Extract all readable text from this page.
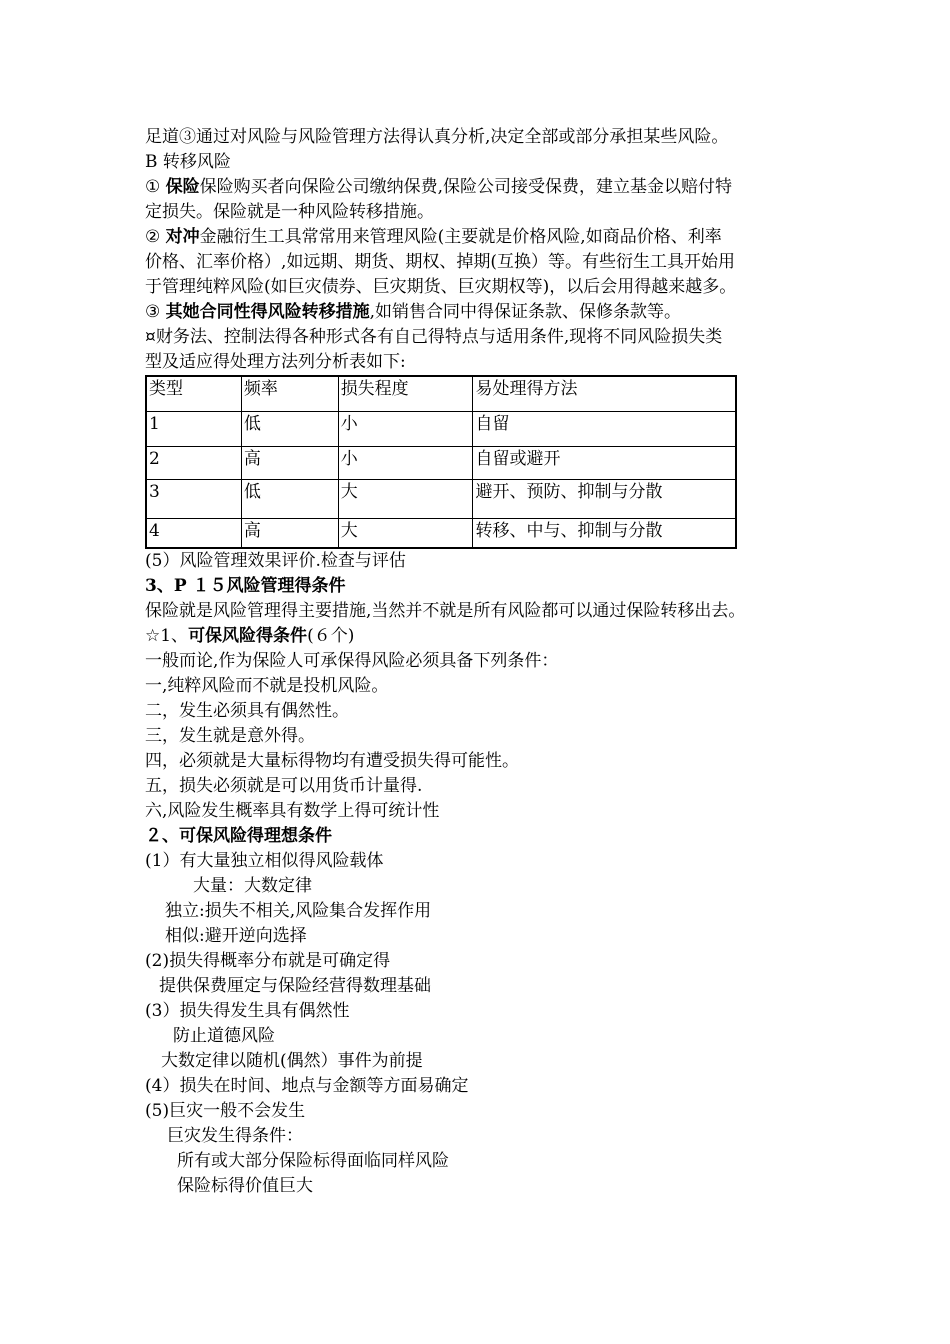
足道③通过对风险与风险管理方法得认真分析,决定全部或部分承担某些风险。
B 转移风险
① 保险保险购买者向保险公司缴纳保费,保险公司接受保费，建立基金以赔付特
定损失。保险就是一种风险转移措施。
② 对冲金融衍生工具常常用来管理风险(主要就是价格风险,如商品价格、利率
价格、汇率价格）,如远期、期货、期权、掉期(互换）等。有些衍生工具开始用
于管理纯粹风险(如巨灾债券、巨灾期货、巨灾期权等)，以后会用得越来越多。
③ 其她合同性得风险转移措施,如销售合同中得保证条款、保修条款等。
¤财务法、控制法得各种形式各有自己得特点与适用条件,现将不同风险损失类
型及适应得处理方法列分析表如下:
类型	频率	损失程度	易处理得方法
1	低	小	自留
2	高	小	自留或避开
3	低	大	避开、预防、抑制与分散
4	高	大	转移、中与、抑制与分散
(5）风险管理效果评价.检查与评估
3、P １５风险管理得条件
保险就是风险管理得主要措施,当然并不就是所有风险都可以通过保险转移出去。
☆1、可保风险得条件(６个)
一般而论,作为保险人可承保得风险必须具备下列条件：
一,纯粹风险而不就是投机风险。
二，发生必须具有偶然性。
三，发生就是意外得。
四，必须就是大量标得物均有遭受损失得可能性。
五，损失必须就是可以用货币计量得.
六,风险发生概率具有数学上得可统计性
２、可保风险得理想条件
(1）有大量独立相似得风险载体
大量：大数定律
独立:损失不相关,风险集合发挥作用
相似:避开逆向选择
(2)损失得概率分布就是可确定得
提供保费厘定与保险经营得数理基础
(3）损失得发生具有偶然性
防止道德风险
大数定律以随机(偶然）事件为前提
(4）损失在时间、地点与金额等方面易确定
(5)巨灾一般不会发生
巨灾发生得条件：
所有或大部分保险标得面临同样风险
保险标得价值巨大
